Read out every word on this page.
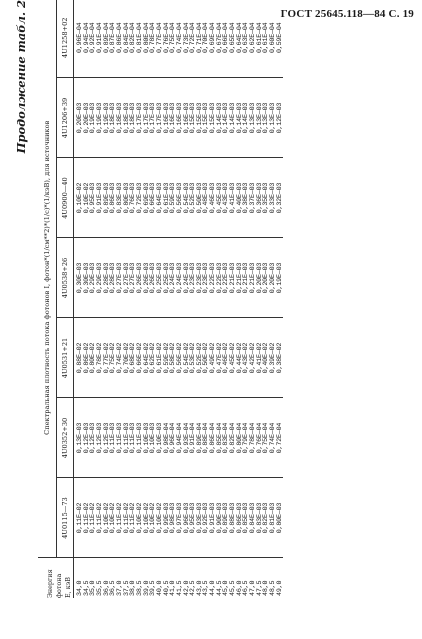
ГОСТ 25645.118—84 С. 19
Продолжение табл. 2
Энергия фотона Е, кэВ	Спектральная плотность потока фотонов I, фотон*(1/см**2)*(1/с)*(1/кэВ), для источников						
	4U0115—73	4U0352+30	4U0531+21	4U0538+26	4U0900—40	4U1206+39	4U1258+02
34,0	0,11E—02	0,13E—03	0,88E—02	0,30E—03	0,10E—02	0,20E—03	0,96E—04
34,5	0,11E—02	0,12E—03	0,86E—02	0,30E—03	0,10E—02	0,20E—03	0,94E—04
35,0	0,11E—02	0,12E—03	0,80E—02	0,29E—03	0,95E—03	0,19E—03	0,92E—04
35,5	0,11E—02	0,12E—03	0,78E—02	0,29E—03	0,91E—03	0,19E—03	0,91E—04
36,0	0,10E—02	0,12E—03	0,77E—02	0,28E—03	0,89E—03	0,19E—03	0,89E—04
36,5	0,10E—02	0,11E—03	0,75E—02	0,28E—03	0,86E—03	0,18E—03	0,87E—04
37,0	0,11E—02	0,11E—03	0,74E—02	0,27E—03	0,83E—03	0,18E—03	0,86E—04
37,5	0,11E—02	0,11E—03	0,70E—02	0,27E—03	0,80E—03	0,18E—03	0,84E—04
38,0	0,11E—02	0,11E—03	0,68E—02	0,27E—03	0,76E—03	0,18E—03	0,82E—04
38,5	0,10E—02	0,11E—03	0,66E—02	0,26E—03	0,72E—03	0,17E—03	0,81E—04
39,0	0,10E—02	0,10E—03	0,64E—02	0,26E—03	0,69E—03	0,17E—03	0,80E—04
39,5	0,10E—02	0,10E—03	0,62E—02	0,26E—03	0,66E—03	0,17E—03	0,78E—04
40,0	0,10E—02	0,10E—03	0,61E—02	0,25E—03	0,64E—03	0,17E—03	0,77E—04
40,5	0,99E—03	0,98E—04	0,59E—02	0,25E—03	0,61E—03	0,16E—03	0,76E—04
41,0	0,98E—03	0,96E—04	0,58E—02	0,24E—03	0,59E—03	0,16E—03	0,75E—04
41,5	0,97E—03	0,94E—04	0,56E—02	0,24E—03	0,56E—03	0,16E—03	0,74E—04
42,0	0,96E—03	0,93E—04	0,54E—02	0,24E—03	0,54E—03	0,16E—03	0,73E—04
42,5	0,95E—03	0,91E—04	0,53E—02	0,23E—03	0,52E—03	0,15E—03	0,72E—04
43,0	0,93E—03	0,89E—04	0,52E—02	0,23E—03	0,50E—03	0,15E—03	0,71E—04
43,5	0,92E—03	0,88E—04	0,50E—02	0,23E—03	0,48E—03	0,15E—03	0,70E—04
44,0	0,91E—03	0,86E—04	0,49E—02	0,22E—03	0,46E—03	0,15E—03	0,69E—04
44,5	0,90E—03	0,85E—04	0,47E—02	0,22E—03	0,45E—03	0,14E—03	0,67E—04
45,0	0,89E—03	0,83E—04	0,46E—02	0,22E—03	0,43E—03	0,14E—03	0,66E—04
45,5	0,88E—03	0,82E—04	0,45E—02	0,21E—03	0,41E—03	0,14E—03	0,65E—04
46,0	0,86E—03	0,80E—04	0,44E—02	0,21E—03	0,40E—03	0,14E—03	0,64E—04
46,5	0,85E—03	0,79E—04	0,43E—02	0,21E—03	0,38E—03	0,14E—03	0,63E—04
47,0	0,84E—03	0,78E—04	0,42E—02	0,21E—03	0,37E—03	0,13E—03	0,62E—04
47,5	0,83E—03	0,76E—04	0,41E—02	0,20E—03	0,36E—03	0,13E—03	0,61E—04
48,0	0,82E—03	0,75E—04	0,40E—02	0,20E—03	0,35E—03	0,13E—03	0,61E—04
48,5	0,81E—03	0,74E—04	0,39E—02	0,20E—03	0,33E—03	0,13E—03	0,60E—04
49,0	0,80E—03	0,72E—04	0,38E—02	0,19E—03	0,32E—03	0,12E—03	0,59E—04
